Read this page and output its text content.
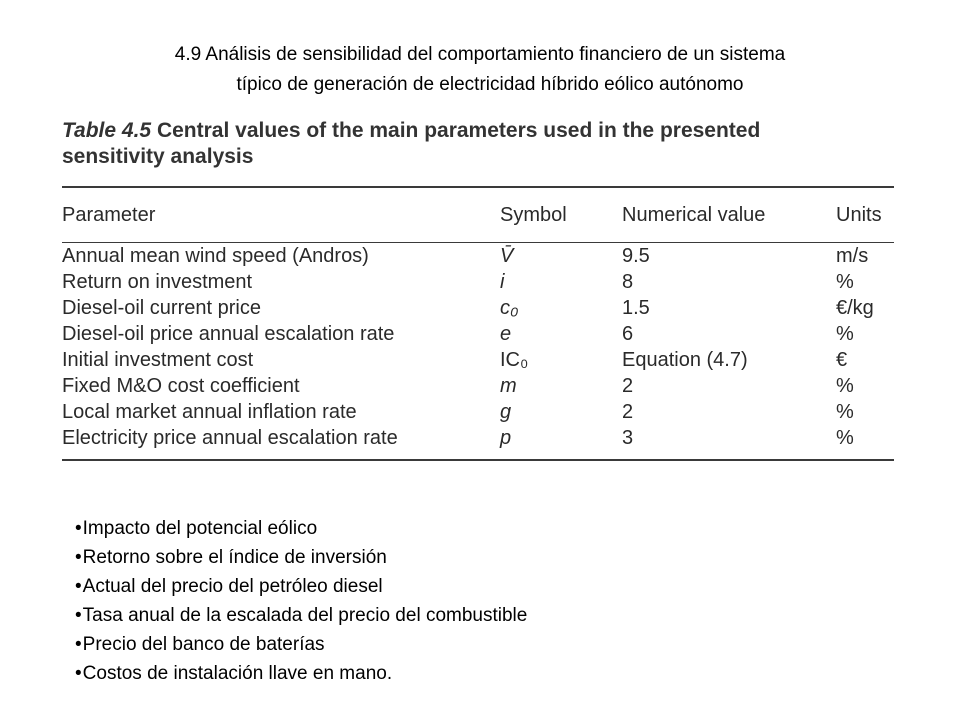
4.9 Análisis de sensibilidad del comportamiento financiero de un sistema
típico de generación de electricidad híbrido eólico autónomo
Table 4.5 Central values of the main parameters used in the presented
sensitivity analysis
Parameter	Symbol	Numerical value	Units

Annual mean wind speed (Andros)	V̄	9.5	m/s
Return on investment	i	8	%
Diesel-oil current price	c₀	1.5	€/kg
Diesel-oil price annual escalation rate	e	6	%
Initial investment cost	IC₀	Equation (4.7)	€
Fixed M&O cost coefficient	m	2	%
Local market annual inflation rate	g	2	%
Electricity price annual escalation rate	p	3	%
• Impacto del potencial eólico
• Retorno sobre el índice de inversión
• Actual del precio del petróleo diesel
• Tasa anual de la escalada del precio del combustible
• Precio del banco de baterías
• Costos de instalación llave en mano.
